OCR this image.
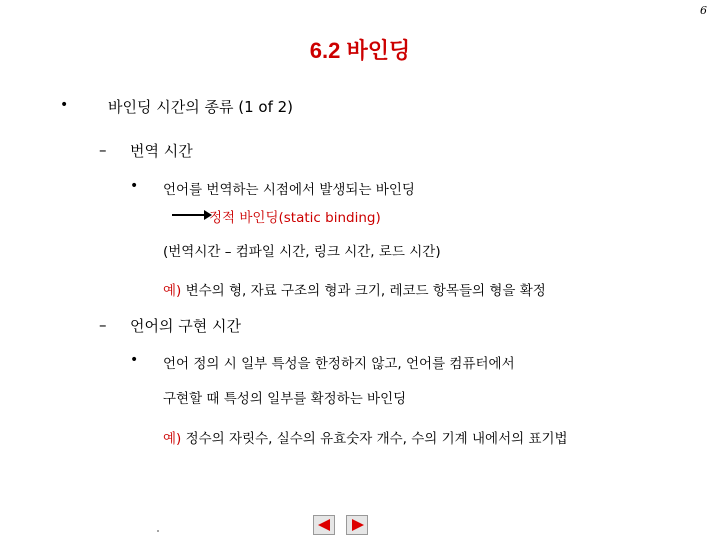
6
6.2 바인딩
•	바인딩 시간의 종류 (1 of 2)
– 번역 시간
• 언어를 번역하는 시점에서 발생되는 바인딩
정적 바인딩(static binding)
(번역시간 – 컴파일 시간, 링크 시간, 로드 시간)
예) 변수의 형, 자료 구조의 형과 크기, 레코드 항목들의 형을 확정
– 언어의 구현 시간
• 언어 정의 시 일부 특성을 한정하지 않고, 언어를 컴퓨터에서
구현할 때 특성의 일부를 확정하는 바인딩
예) 정수의 자릿수, 실수의 유효숫자 개수, 수의 기계 내에서의 표기법
